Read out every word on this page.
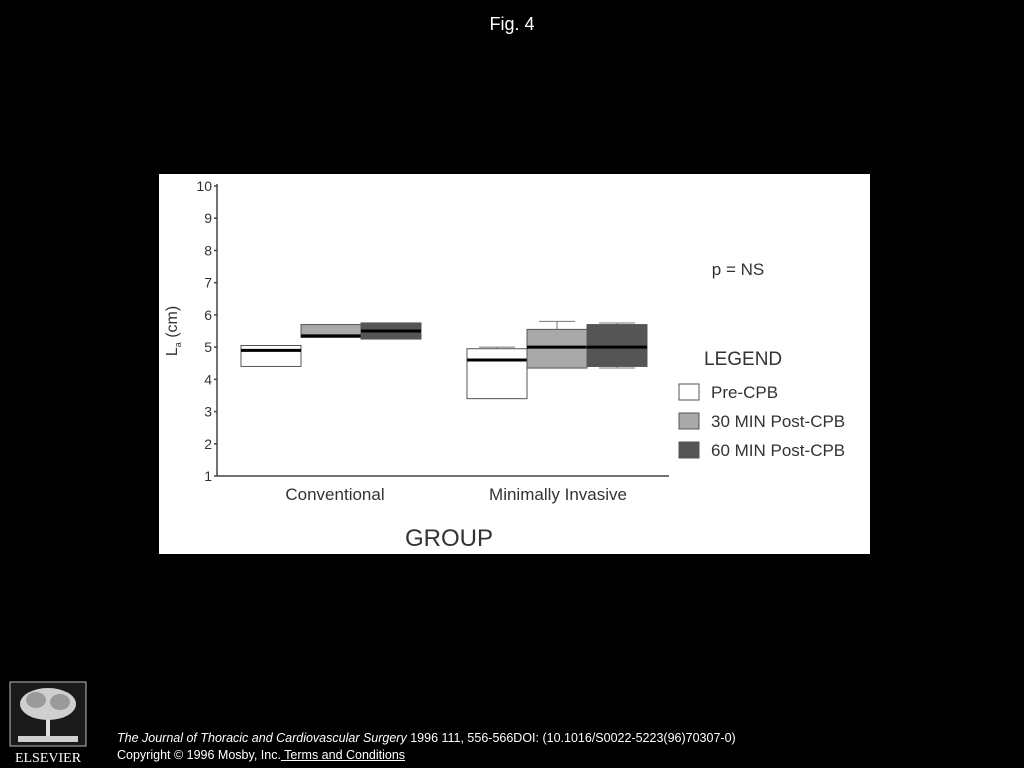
Fig. 4
1
2
3
4
5
6
7
8
9
10
$L_a$ (cm)
Conventional	Minimally Invasive
GROUP
p = NS
LEGEND
Pre-CPB
30 MIN Post-CPB
60 MIN Post-CPB
ELSEVIER
The Journal of Thoracic and Cardiovascular Surgery 1996 111, 556-566DOI: (10.1016/S0022-5223(96)70307-0)
Copyright © 1996 Mosby, Inc. Terms and Conditions
